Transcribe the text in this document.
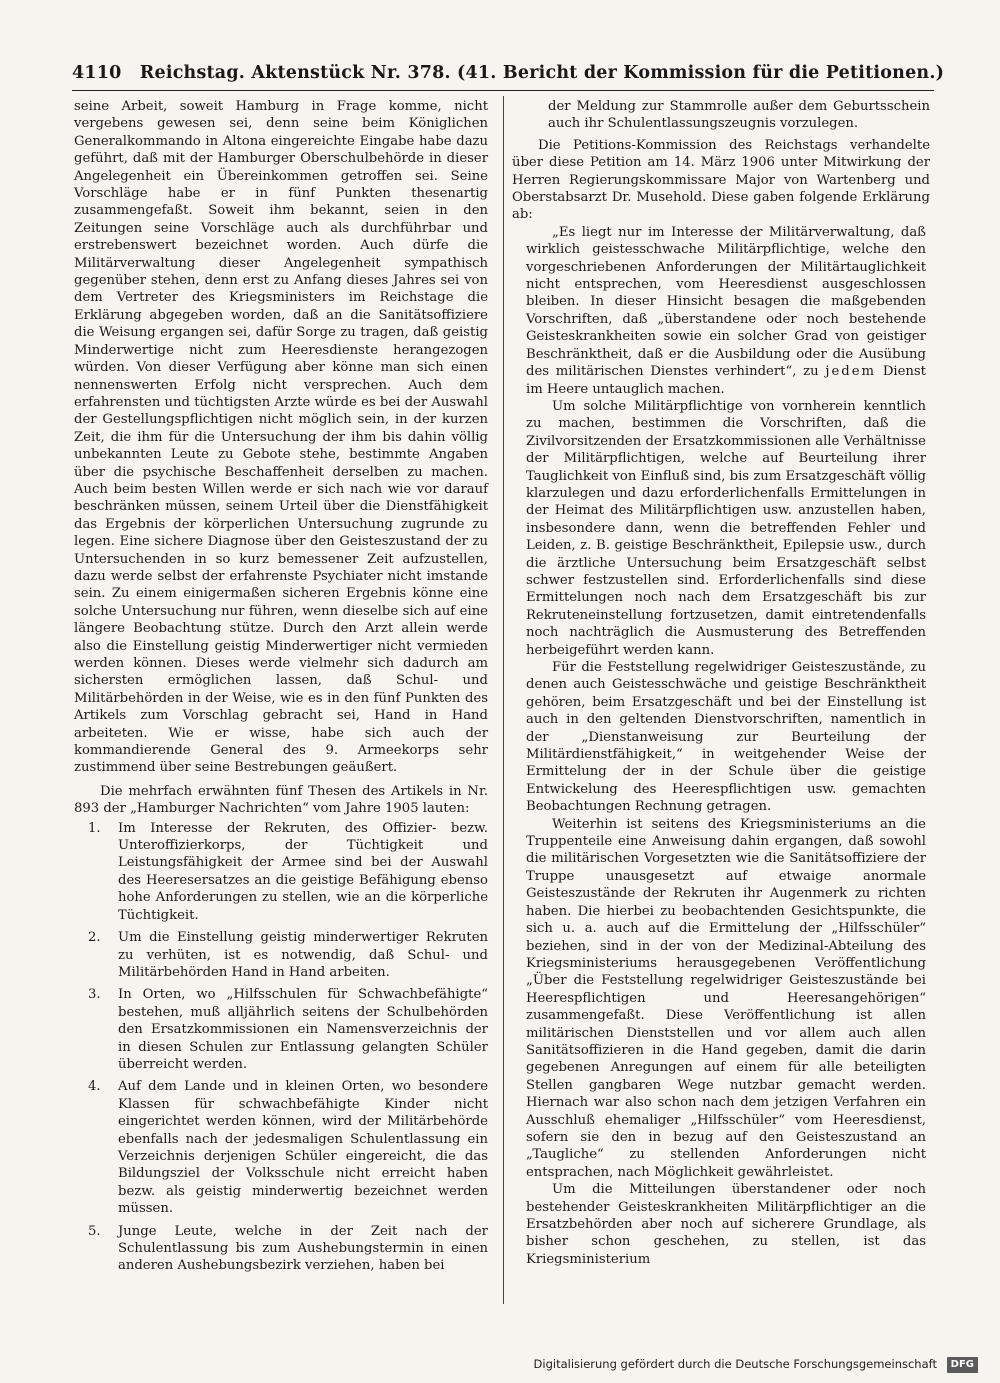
4110 Reichstag. Aktenstück Nr. 378. (41. Bericht der Kommission für die Petitionen.)

seine Arbeit, soweit Hamburg in Frage komme, nicht vergebens gewesen sei, denn seine beim Königlichen Generalkommando in Altona eingereichte Eingabe habe dazu geführt, daß mit der Hamburger Oberschulbehörde in dieser Angelegenheit ein Übereinkommen getroffen sei. Seine Vorschläge habe er in fünf Punkten thesenartig zusammengefaßt. Soweit ihm bekannt, seien in den Zeitungen seine Vorschläge auch als durchführbar und erstrebenswert bezeichnet worden. Auch dürfe die Militärverwaltung dieser Angelegenheit sympathisch gegenüber stehen, denn erst zu Anfang dieses Jahres sei von dem Vertreter des Kriegsministers im Reichstage die Erklärung abgegeben worden, daß an die Sanitätsoffiziere die Weisung ergangen sei, dafür Sorge zu tragen, daß geistig Minderwertige nicht zum Heeresdienste herangezogen würden. Von dieser Verfügung aber könne man sich einen nennenswerten Erfolg nicht versprechen. Auch dem erfahrensten und tüchtigsten Arzte würde es bei der Auswahl der Gestellungspflichtigen nicht möglich sein, in der kurzen Zeit, die ihm für die Untersuchung der ihm bis dahin völlig unbekannten Leute zu Gebote stehe, bestimmte Angaben über die psychische Beschaffenheit derselben zu machen. Auch beim besten Willen werde er sich nach wie vor darauf beschränken müssen, seinem Urteil über die Dienstfähigkeit das Ergebnis der körperlichen Untersuchung zugrunde zu legen. Eine sichere Diagnose über den Geisteszustand der zu Untersuchenden in so kurz bemessener Zeit aufzustellen, dazu werde selbst der erfahrenste Psychiater nicht imstande sein. Zu einem einigermaßen sicheren Ergebnis könne eine solche Untersuchung nur führen, wenn dieselbe sich auf eine längere Beobachtung stütze. Durch den Arzt allein werde also die Einstellung geistig Minderwertiger nicht vermieden werden können. Dieses werde vielmehr sich dadurch am sichersten ermöglichen lassen, daß Schul- und Militärbehörden in der Weise, wie es in den fünf Punkten des Artikels zum Vorschlag gebracht sei, Hand in Hand arbeiteten. Wie er wisse, habe sich auch der kommandierende General des 9. Armeekorps sehr zustimmend über seine Bestrebungen geäußert.

Die mehrfach erwähnten fünf Thesen des Artikels in Nr. 893 der „Hamburger Nachrichten“ vom Jahre 1905 lauten:

1. Im Interesse der Rekruten, des Offizier- bezw. Unteroffizierkorps, der Tüchtigkeit und Leistungsfähigkeit der Armee sind bei der Auswahl des Heeresersatzes an die geistige Befähigung ebenso hohe Anforderungen zu stellen, wie an die körperliche Tüchtigkeit.
2. Um die Einstellung geistig minderwertiger Rekruten zu verhüten, ist es notwendig, daß Schul- und Militärbehörden Hand in Hand arbeiten.
3. In Orten, wo „Hilfsschulen für Schwachbefähigte“ bestehen, muß alljährlich seitens der Schulbehörden den Ersatzkommissionen ein Namensverzeichnis der in diesen Schulen zur Entlassung gelangten Schüler überreicht werden.
4. Auf dem Lande und in kleinen Orten, wo besondere Klassen für schwachbefähigte Kinder nicht eingerichtet werden können, wird der Militärbehörde ebenfalls nach der jedesmaligen Schulentlassung ein Verzeichnis derjenigen Schüler eingereicht, die das Bildungsziel der Volksschule nicht erreicht haben bezw. als geistig minderwertig bezeichnet werden müssen.
5. Junge Leute, welche in der Zeit nach der Schulentlassung bis zum Aushebungstermin in einen anderen Aushebungsbezirk verziehen, haben bei

der Meldung zur Stammrolle außer dem Geburtsschein auch ihr Schulentlassungszeugnis vorzulegen.

Die Petitions-Kommission des Reichstags verhandelte über diese Petition am 14. März 1906 unter Mitwirkung der Herren Regierungskommissare Major von Wartenberg und Oberstabsarzt Dr. Musehold. Diese gaben folgende Erklärung ab:

„Es liegt nur im Interesse der Militärverwaltung, daß wirklich geistesschwache Militärpflichtige, welche den vorgeschriebenen Anforderungen der Militärtauglichkeit nicht entsprechen, vom Heeresdienst ausgeschlossen bleiben. In dieser Hinsicht besagen die maßgebenden Vorschriften, daß „überstandene oder noch bestehende Geisteskrankheiten sowie ein solcher Grad von geistiger Beschränktheit, daß er die Ausbildung oder die Ausübung des militärischen Dienstes verhindert“, zu jedem Dienst im Heere untauglich machen.

Um solche Militärpflichtige von vornherein kenntlich zu machen, bestimmen die Vorschriften, daß die Zivilvorsitzenden der Ersatzkommissionen alle Verhältnisse der Militärpflichtigen, welche auf Beurteilung ihrer Tauglichkeit von Einfluß sind, bis zum Ersatzgeschäft völlig klarzulegen und dazu erforderlichenfalls Ermittelungen in der Heimat des Militärpflichtigen usw. anzustellen haben, insbesondere dann, wenn die betreffenden Fehler und Leiden, z. B. geistige Beschränktheit, Epilepsie usw., durch die ärztliche Untersuchung beim Ersatzgeschäft selbst schwer festzustellen sind. Erforderlichenfalls sind diese Ermittelungen noch nach dem Ersatzgeschäft bis zur Rekruteneinstellung fortzusetzen, damit eintretendenfalls noch nachträglich die Ausmusterung des Betreffenden herbeigeführt werden kann.

Für die Feststellung regelwidriger Geisteszustände, zu denen auch Geistesschwäche und geistige Beschränktheit gehören, beim Ersatzgeschäft und bei der Einstellung ist auch in den geltenden Dienstvorschriften, namentlich in der „Dienstanweisung zur Beurteilung der Militärdienstfähigkeit,“ in weitgehender Weise der Ermittelung der in der Schule über die geistige Entwickelung des Heerespflichtigen usw. gemachten Beobachtungen Rechnung getragen.

Weiterhin ist seitens des Kriegsministeriums an die Truppenteile eine Anweisung dahin ergangen, daß sowohl die militärischen Vorgesetzten wie die Sanitätsoffiziere der Truppe unausgesetzt auf etwaige anormale Geisteszustände der Rekruten ihr Augenmerk zu richten haben. Die hierbei zu beobachtenden Gesichtspunkte, die sich u. a. auch auf die Ermittelung der „Hilfsschüler“ beziehen, sind in der von der Medizinal-Abteilung des Kriegsministeriums herausgegebenen Veröffentlichung „Über die Feststellung regelwidriger Geisteszustände bei Heerespflichtigen und Heeresangehörigen“ zusammengefaßt. Diese Veröffentlichung ist allen militärischen Dienststellen und vor allem auch allen Sanitätsoffizieren in die Hand gegeben, damit die darin gegebenen Anregungen auf einem für alle beteiligten Stellen gangbaren Wege nutzbar gemacht werden. Hiernach war also schon nach dem jetzigen Verfahren ein Ausschluß ehemaliger „Hilfsschüler“ vom Heeresdienst, sofern sie den in bezug auf den Geisteszustand an „Taugliche“ zu stellenden Anforderungen nicht entsprachen, nach Möglichkeit gewährleistet.

Um die Mitteilungen überstandener oder noch bestehender Geisteskrankheiten Militärpflichtiger an die Ersatzbehörden aber noch auf sicherere Grundlage, als bisher schon geschehen, zu stellen, ist das Kriegsministerium

Digitalisierung gefördert durch die Deutsche Forschungsgemeinschaft DFG
